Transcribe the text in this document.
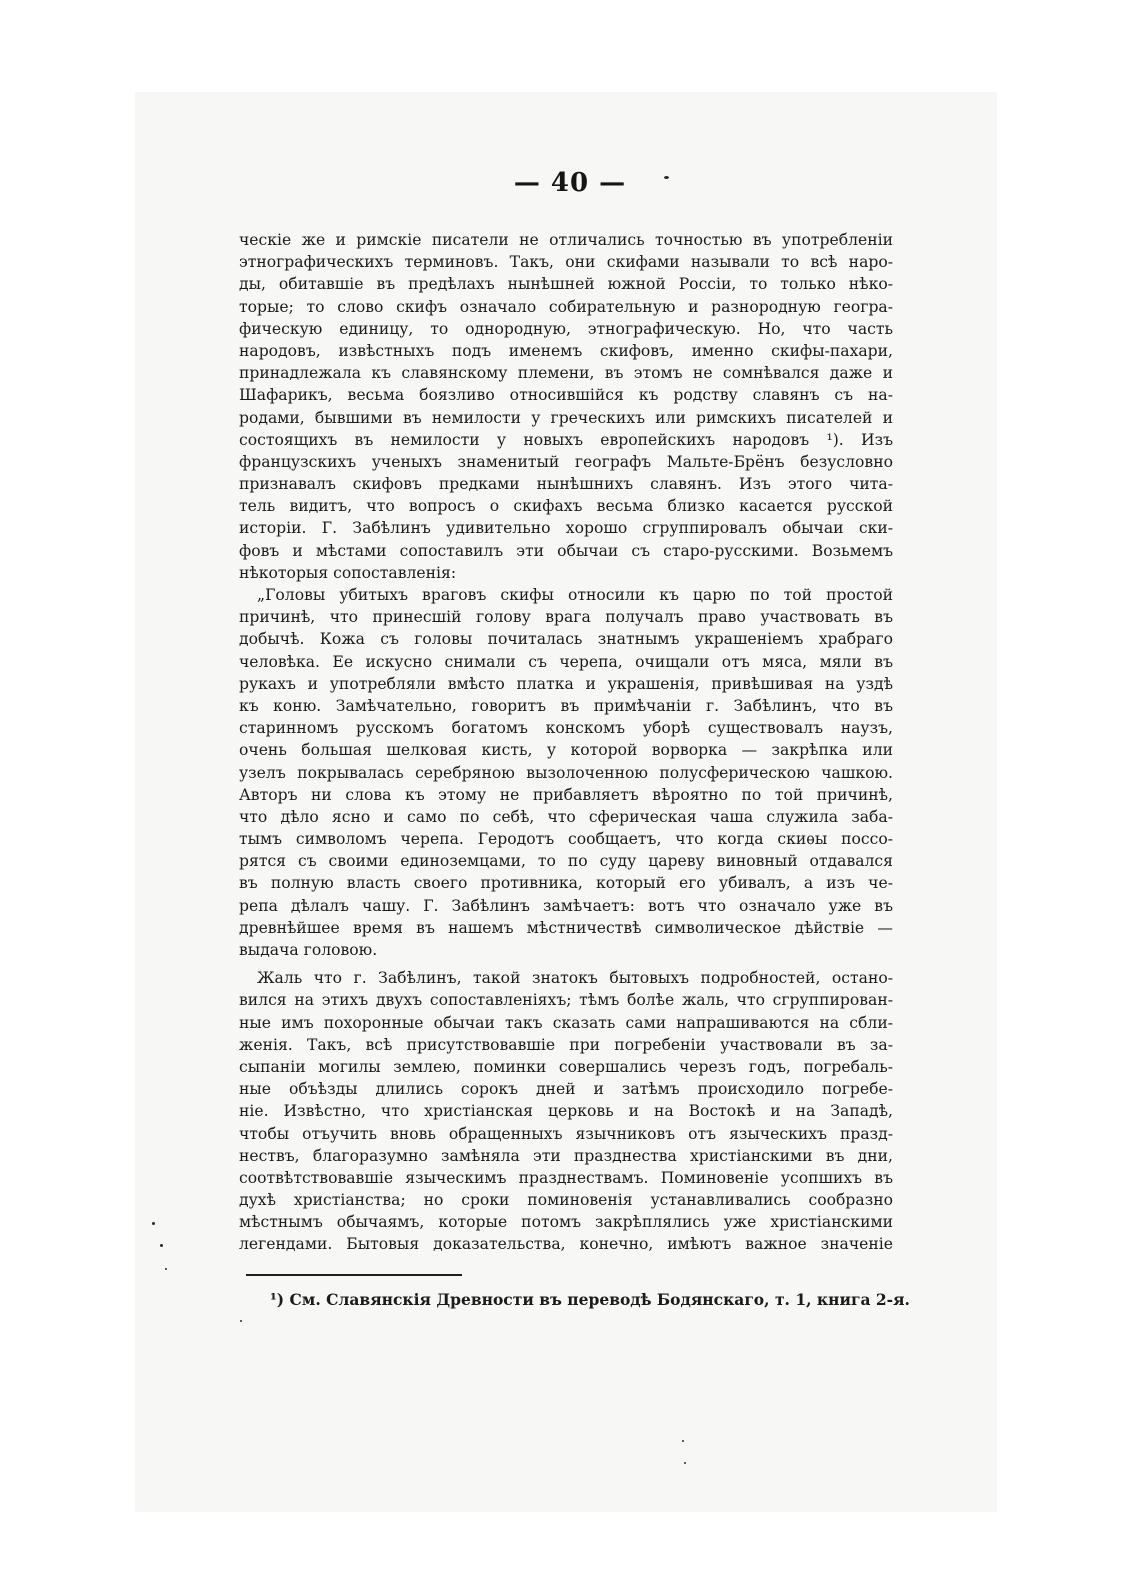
— 40 —
ческіе же и римскіе писатели не отличались точностью въ употребленіи
этнографическихъ терминовъ. Такъ, они скифами называли то всѣ наро-
ды, обитавшіе въ предѣлахъ нынѣшней южной Россіи, то только нѣко-
торые; то слово скифъ означало собирательную и разнородную геогра-
фическую единицу, то однородную, этнографическую. Но, что часть
народовъ, извѣстныхъ подъ именемъ скифовъ, именно скифы-пахари,
принадлежала къ славянскому племени, въ этомъ не сомнѣвался даже и
Шафарикъ, весьма боязливо относившійся къ родству славянъ съ на-
родами, бывшими въ немилости у греческихъ или римскихъ писателей и
состоящихъ въ немилости у новыхъ европейскихъ народовъ ¹). Изъ
французскихъ ученыхъ знаменитый географъ Мальте-Брёнъ безусловно
признавалъ скифовъ предками нынѣшнихъ славянъ. Изъ этого чита-
тель видитъ, что вопросъ о скифахъ весьма близко касается русской
исторіи. Г. Забѣлинъ удивительно хорошо сгруппировалъ обычаи ски-
фовъ и мѣстами сопоставилъ эти обычаи съ старо-русскими. Возьмемъ
нѣкоторыя сопоставленія:
„Головы убитыхъ враговъ скифы относили къ царю по той простой
причинѣ, что принесшій голову врага получалъ право участвовать въ
добычѣ. Кожа съ головы почиталась знатнымъ украшеніемъ храбраго
человѣка. Ее искусно снимали съ черепа, очищали отъ мяса, мяли въ
рукахъ и употребляли вмѣсто платка и украшенія, привѣшивая на уздѣ
къ коню. Замѣчательно, говоритъ въ примѣчаніи г. Забѣлинъ, что въ
старинномъ русскомъ богатомъ конскомъ уборѣ существовалъ наузъ,
очень большая шелковая кисть, у которой ворворка — закрѣпка или
узелъ покрывалась серебряною вызолоченною полусферическою чашкою.
Авторъ ни слова къ этому не прибавляетъ вѣроятно по той причинѣ,
что дѣло ясно и само по себѣ, что сферическая чаша служила заба-
тымъ символомъ черепа. Геродотъ сообщаетъ, что когда скиѳы поссо-
рятся съ своими единоземцами, то по суду цареву виновный отдавался
въ полную власть своего противника, который его убивалъ, а изъ че-
репа дѣлалъ чашу. Г. Забѣлинъ замѣчаетъ: вотъ что означало уже въ
древнѣйшее время въ нашемъ мѣстничествѣ символическое дѣйствіе —
выдача головою.
Жаль что г. Забѣлинъ, такой знатокъ бытовыхъ подробностей, остано-
вился на этихъ двухъ сопоставленіяхъ; тѣмъ болѣе жаль, что сгруппирован-
ные имъ похоронные обычаи такъ сказать сами напрашиваются на сбли-
женія. Такъ, всѣ присутствовавшіе при погребеніи участвовали въ за-
сыпаніи могилы землею, поминки совершались черезъ годъ, погребаль-
ные объѣзды длились сорокъ дней и затѣмъ происходило погребе-
ніе. Извѣстно, что христіанская церковь и на Востокѣ и на Западѣ,
чтобы отъучить вновь обращенныхъ язычниковъ отъ языческихъ празд-
нествъ, благоразумно замѣняла эти празднества христіанскими въ дни,
соотвѣтствовавшіе языческимъ празднествамъ. Поминовеніе усопшихъ въ
духѣ христіанства; но сроки поминовенія устанавливались сообразно
мѣстнымъ обычаямъ, которые потомъ закрѣплялись уже христіанскими
легендами. Бытовыя доказательства, конечно, имѣютъ важное значеніе
¹) См. Славянскія Древности въ переводѣ Бодянскаго, т. 1, книга 2-я.
